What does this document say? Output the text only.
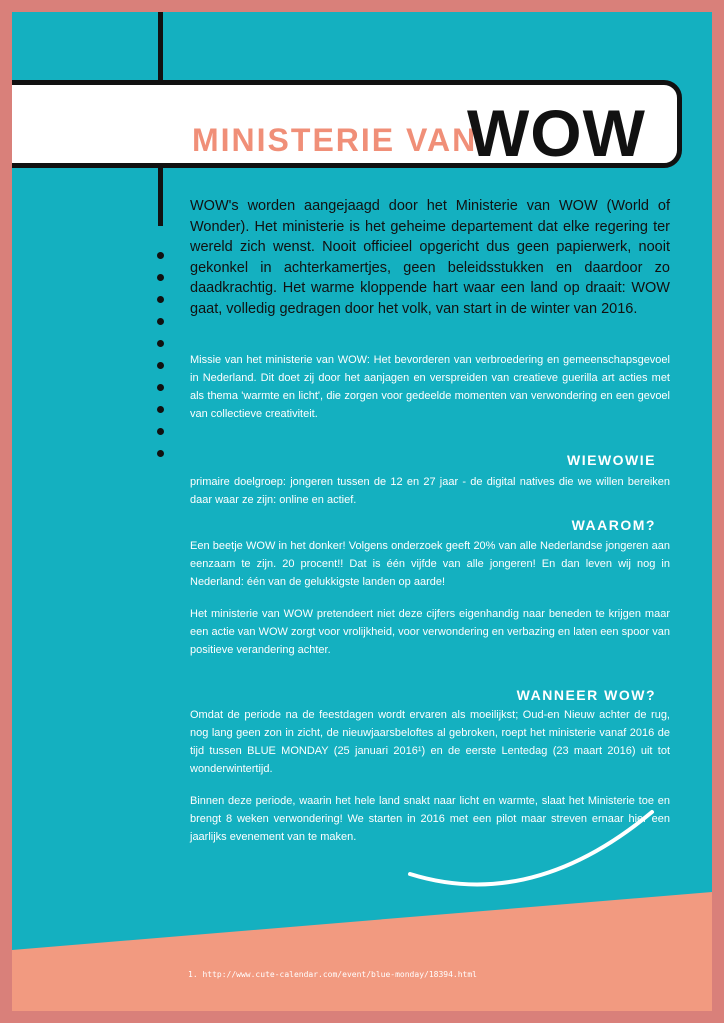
MINISTERIE VAN
WOW
WOW's worden aangejaagd door het Ministerie van WOW (World of Wonder). Het ministerie is het geheime departement dat elke regering ter wereld zich wenst. Nooit officieel opgericht dus geen papierwerk, nooit gekonkel in achterkamertjes, geen beleidsstukken en daardoor zo daadkrachtig. Het warme kloppende hart waar een land op draait: WOW gaat, volledig gedragen door het volk, van start in de winter van 2016.
Missie van het ministerie van WOW: Het bevorderen van verbroedering en gemeenschapsgevoel in Nederland. Dit doet zij door het aanjagen en verspreiden van creatieve guerilla art acties met als thema 'warmte en licht', die zorgen voor gedeelde momenten van verwondering en een gevoel van collectieve creativiteit.
WIEWOWIE
primaire doelgroep: jongeren tussen de 12 en 27 jaar - de digital natives die we willen bereiken daar waar ze zijn: online en actief.
WAAROM?
Een beetje WOW in het donker! Volgens onderzoek geeft 20% van alle Nederlandse jongeren aan eenzaam te zijn. 20 procent!! Dat is één vijfde van alle jongeren! En dan leven wij nog in Nederland: één van de gelukkigste landen op aarde!
Het ministerie van WOW pretendeert niet deze cijfers eigenhandig naar beneden te krijgen maar een actie van WOW zorgt voor vrolijkheid, voor verwondering en verbazing en laten een spoor van positieve verandering achter.
WANNEER WOW?
Omdat de periode na de feestdagen wordt ervaren als moeilijkst; Oud-en Nieuw achter de rug, nog lang geen zon in zicht, de nieuwjaarsbeloftes al gebroken, roept het ministerie vanaf 2016 de tijd tussen BLUE MONDAY (25 januari 2016¹) en de eerste Lentedag (23 maart 2016) uit tot wonderwintertijd.
Binnen deze periode, waarin het hele land snakt naar licht en warmte, slaat het Ministerie toe en brengt 8 weken verwondering! We starten in 2016 met een pilot maar streven ernaar hier een jaarlijks evenement van te maken.
1. http://www.cute-calendar.com/event/blue-monday/18394.html
